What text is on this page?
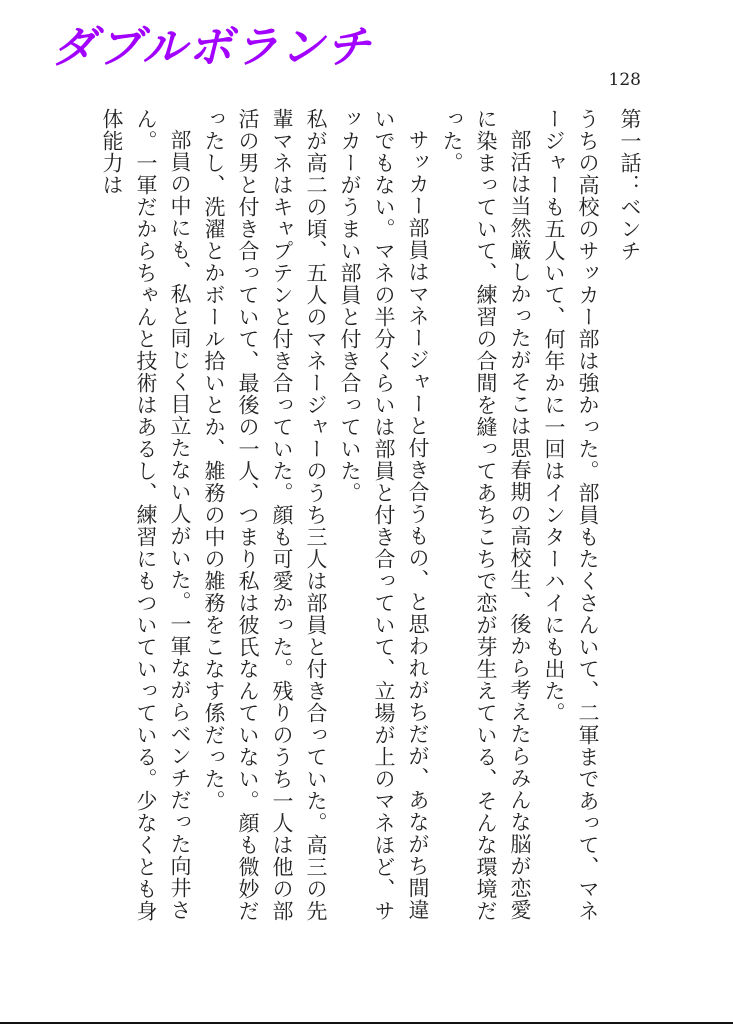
ダブルボランチ
128
第一話：ベンチ

うちの高校のサッカー部は強かった。部員もたくさんいて、二軍まであって、マネージャーも五人いて、何年かに一回はインターハイにも出た。

部活は当然厳しかったがそこは思春期の高校生、後から考えたらみんな脳が恋愛に染まっていて、練習の合間を縫ってあちこちで恋が芽生えている、そんな環境だった。

サッカー部員はマネージャーと付き合うもの、と思われがちだが、あながち間違いでもない。マネの半分くらいは部員と付き合っていて、立場が上のマネほど、サッカーがうまい部員と付き合っていた。

私が高二の頃、五人のマネージャーのうち三人は部員と付き合っていた。高三の先輩マネはキャプテンと付き合っていた。顔も可愛かった。残りのうち一人は他の部活の男と付き合っていて、最後の一人、つまり私は彼氏なんていない。顔も微妙だったし、洗濯とかボール拾いとか、雑務の中の雑務をこなす係だった。

部員の中にも、私と同じく目立たない人がいた。一軍ながらベンチだった向井さん。一軍だからちゃんと技術はあるし、練習にもついていっている。少なくとも身体能力は
